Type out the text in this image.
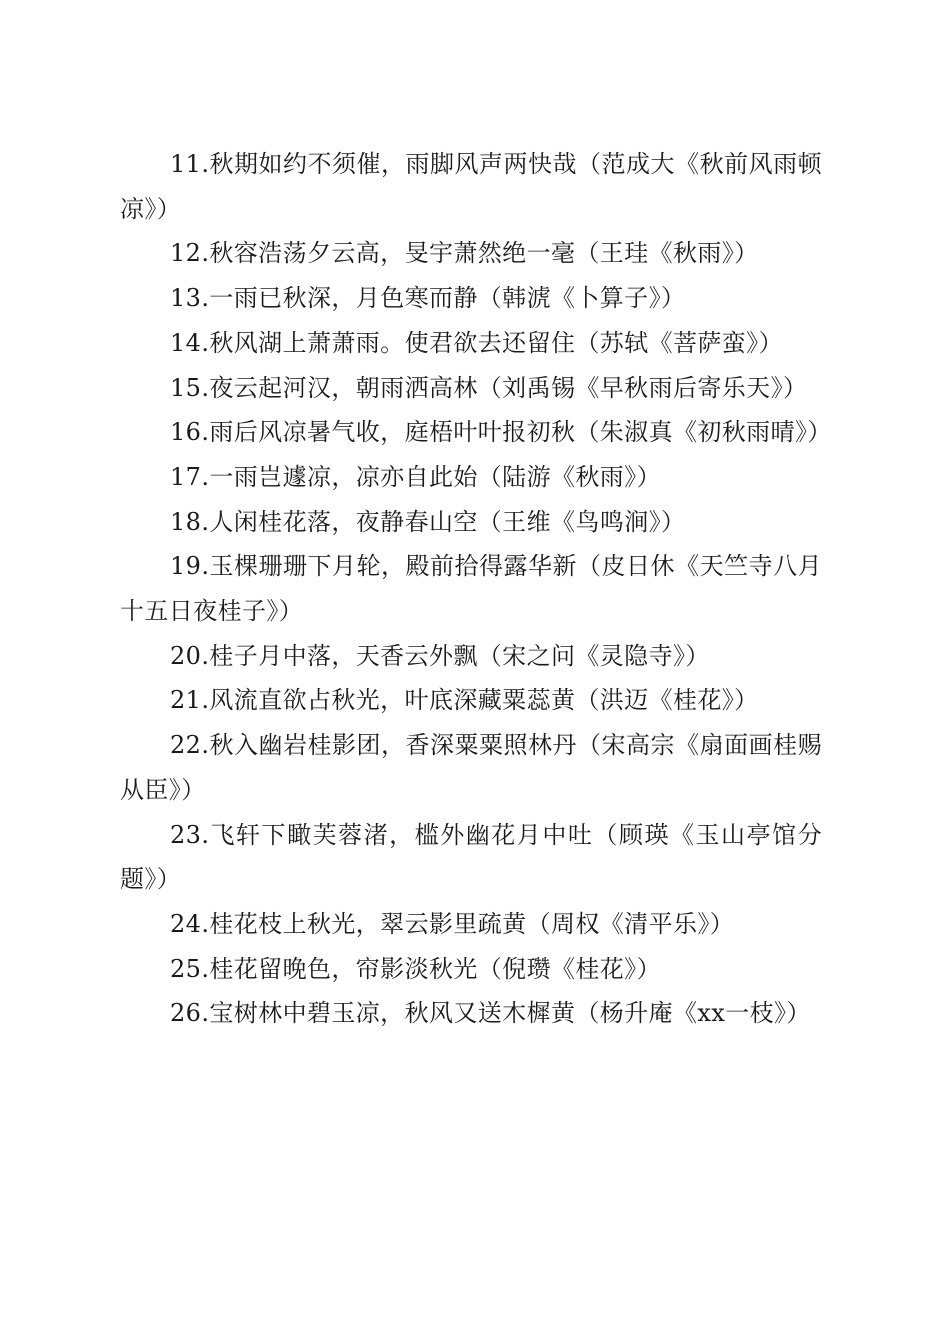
11.秋期如约不须催，雨脚风声两快哉（范成大《秋前风雨顿凉》）

12.秋容浩荡夕云高，旻宇萧然绝一毫（王珪《秋雨》）

13.一雨已秋深，月色寒而静（韩淲《卜算子》）

14.秋风湖上萧萧雨。使君欲去还留住（苏轼《菩萨蛮》）

15.夜云起河汉，朝雨洒高林（刘禹锡《早秋雨后寄乐天》）

16.雨后风凉暑气收，庭梧叶叶报初秋（朱淑真《初秋雨晴》）

17.一雨岂遽凉，凉亦自此始（陆游《秋雨》）

18.人闲桂花落，夜静春山空（王维《鸟鸣涧》）

19.玉棵珊珊下月轮，殿前拾得露华新（皮日休《天竺寺八月十五日夜桂子》）

20.桂子月中落，天香云外飘（宋之问《灵隐寺》）

21.风流直欲占秋光，叶底深藏粟蕊黄（洪迈《桂花》）

22.秋入幽岩桂影团，香深粟粟照林丹（宋高宗《扇面画桂赐从臣》）

23.飞轩下瞰芙蓉渚，槛外幽花月中吐（顾瑛《玉山亭馆分题》）

24.桂花枝上秋光，翠云影里疏黄（周权《清平乐》）

25.桂花留晚色，帘影淡秋光（倪瓒《桂花》）

26.宝树林中碧玉凉，秋风又送木樨黄（杨升庵《xx一枝》）
